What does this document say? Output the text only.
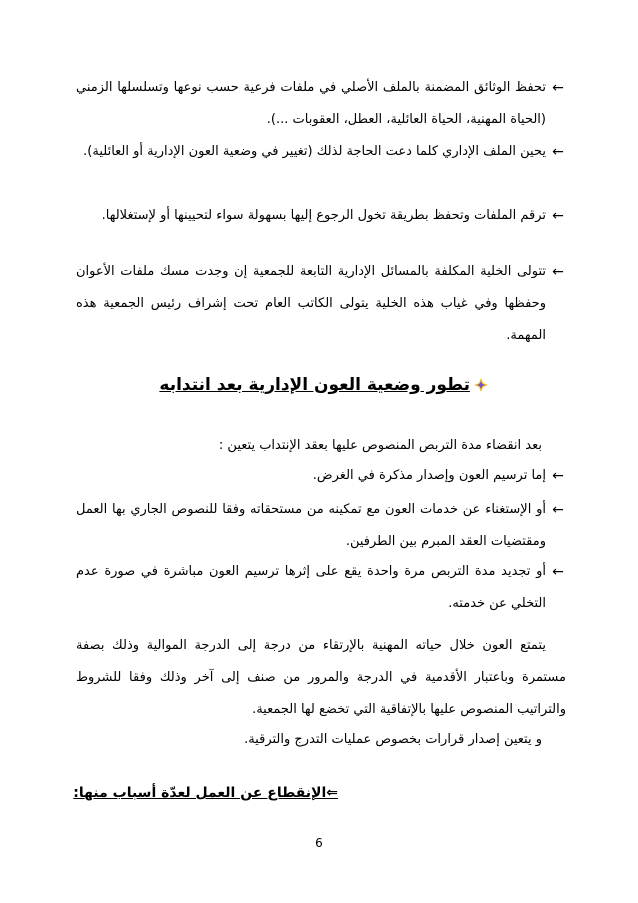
←
تحفظ الوثائق المضمنة بالملف الأصلي في ملفات فرعية حسب نوعها وتسلسلها الزمني (الحياة المهنية، الحياة العائلية، العطل، العقوبات ...).
←
يحين الملف الإداري كلما دعت الحاجة لذلك (تغيير في وضعية العون الإدارية أو العائلية).
←
ترقم الملفات وتحفظ بطريقة تخول الرجوع إليها بسهولة سواء لتحيينها أو لإستغلالها.
←
تتولى الخلية المكلفة بالمسائل الإدارية التابعة للجمعية إن وجدت مسك ملفات الأعوان وحفظها وفي غياب هذه الخلية يتولى الكاتب العام تحت إشراف رئيس الجمعية هذه المهمة.
تطور وضعية العون الإدارية بعد انتدابه
بعد انقضاء مدة التربص المنصوص عليها بعقد الإنتداب يتعين :
←
إما ترسيم العون وإصدار مذكرة في الغرض.
←
أو الإستغناء عن خدمات العون مع تمكينه من مستحقاته وفقا للنصوص الجاري بها العمل ومقتضيات العقد المبرم بين الطرفين.
←
أو تجديد مدة التربص مرة واحدة يقع على إثرها ترسيم العون مباشرة في صورة عدم التخلي عن خدمته.
يتمتع العون خلال حياته المهنية بالإرتقاء من درجة إلى الدرجة الموالية وذلك بصفة مستمرة وباعتبار الأقدمية في الدرجة والمرور من صنف إلى آخر وذلك وفقا للشروط والتراتيب المنصوص عليها بالإتفاقية التي تخضع لها الجمعية.
و يتعين إصدار قرارات بخصوص عمليات التدرج والترقية.
⇐الإنقطاع عن العمل لعدّة أسباب منها:
6
